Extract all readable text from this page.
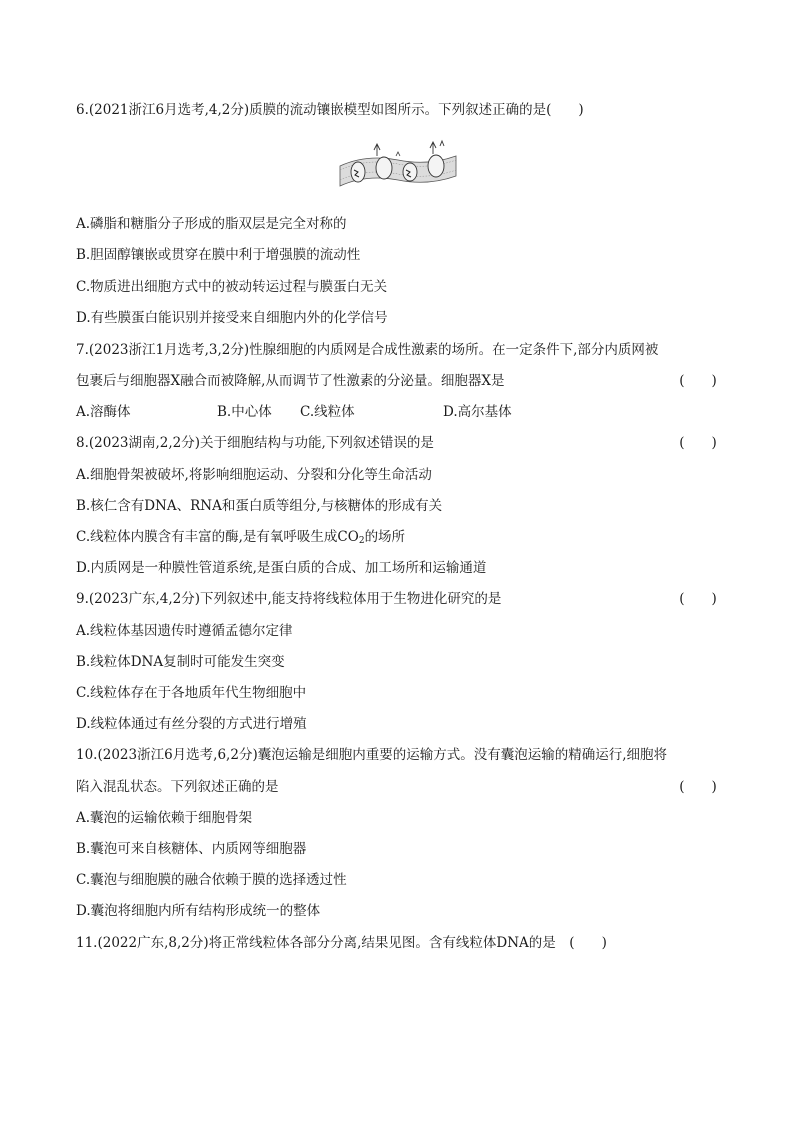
6.(2021浙江6月选考,4,2分)质膜的流动镶嵌模型如图所示。下列叙述正确的是(　　)
A.磷脂和糖脂分子形成的脂双层是完全对称的
B.胆固醇镶嵌或贯穿在膜中利于增强膜的流动性
C.物质进出细胞方式中的被动转运过程与膜蛋白无关
D.有些膜蛋白能识别并接受来自细胞内外的化学信号
7.(2023浙江1月选考,3,2分)性腺细胞的内质网是合成性激素的场所。在一定条件下,部分内质网被
包裹后与细胞器X融合而被降解,从而调节了性激素的分泌量。细胞器X是	(　　)
A.溶酶体	B.中心体 C.线粒体	D.高尔基体
8.(2023湖南,2,2分)关于细胞结构与功能,下列叙述错误的是	(　　)
A.细胞骨架被破坏,将影响细胞运动、分裂和分化等生命活动
B.核仁含有DNA、RNA和蛋白质等组分,与核糖体的形成有关
C.线粒体内膜含有丰富的酶,是有氧呼吸生成$CO_2$的场所
D.内质网是一种膜性管道系统,是蛋白质的合成、加工场所和运输通道
9.(2023广东,4,2分)下列叙述中,能支持将线粒体用于生物进化研究的是	(　　)
A.线粒体基因遗传时遵循孟德尔定律
B.线粒体DNA复制时可能发生突变
C.线粒体存在于各地质年代生物细胞中
D.线粒体通过有丝分裂的方式进行增殖
10.(2023浙江6月选考,6,2分)囊泡运输是细胞内重要的运输方式。没有囊泡运输的精确运行,细胞将
陷入混乱状态。下列叙述正确的是	(　　)
A.囊泡的运输依赖于细胞骨架
B.囊泡可来自核糖体、内质网等细胞器
C.囊泡与细胞膜的融合依赖于膜的选择透过性
D.囊泡将细胞内所有结构形成统一的整体
11.(2022广东,8,2分)将正常线粒体各部分分离,结果见图。含有线粒体DNA的是　(　　)
